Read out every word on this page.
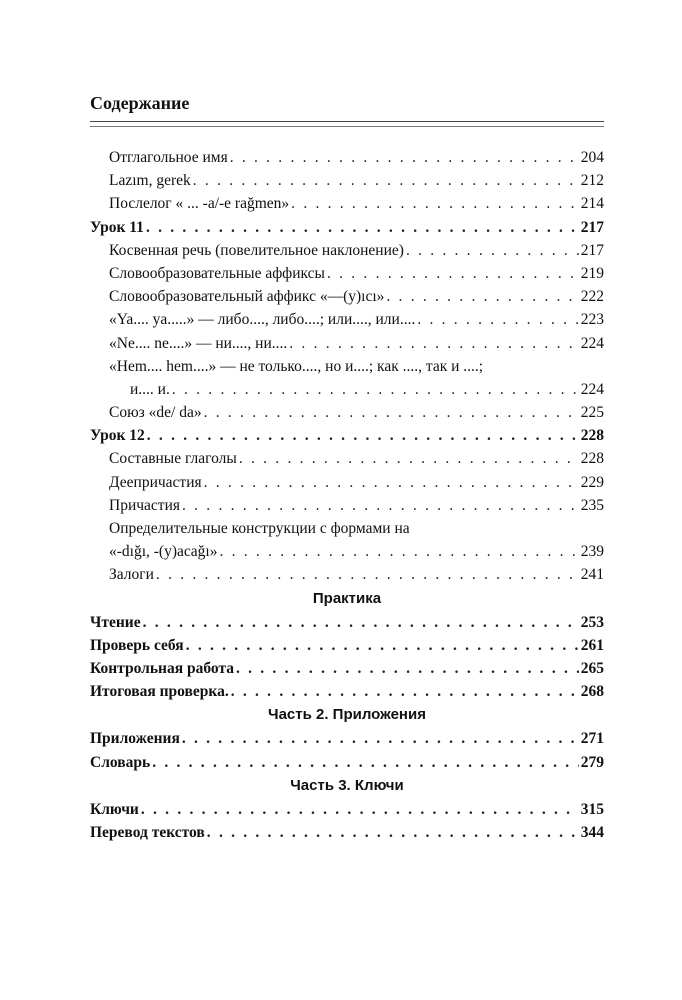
Содержание
Отглагольное имя . . .	204
Lazım, gerek . . .	212
Послелог « ... -a/-e rağmen» . . .	214
Урок 11 . . .	217
Косвенная речь (повелительное наклонение) . . .	217
Словообразовательные аффиксы . . .	219
Словообразовательный аффикс «—(y)ıcı» . . .	222
«Ya.... ya.....» — либо...., либо....; или...., или.... . . .	223
«Ne.... ne....» — ни...., ни.... . . .	224
«Hem.... hem....» — не только...., но и....; как ...., так и ....;
и.... и. . . .	224
Союз «de/ da» . . .	225
Урок 12 . . .	228
Составные глаголы . . .	228
Деепричастия . . .	229
Причастия . . .	235
Определительные конструкции с формами на
«-dığı, -(y)acağı» . . .	239
Залоги . . .	241
Практика
Чтение . . .	253
Проверь себя . . .	261
Контрольная работа . . .	265
Итоговая проверка. . . .	268
Часть 2. Приложения
Приложения . . .	271
Словарь . . .	279
Часть 3. Ключи
Ключи . . .	315
Перевод текстов . . .	344
